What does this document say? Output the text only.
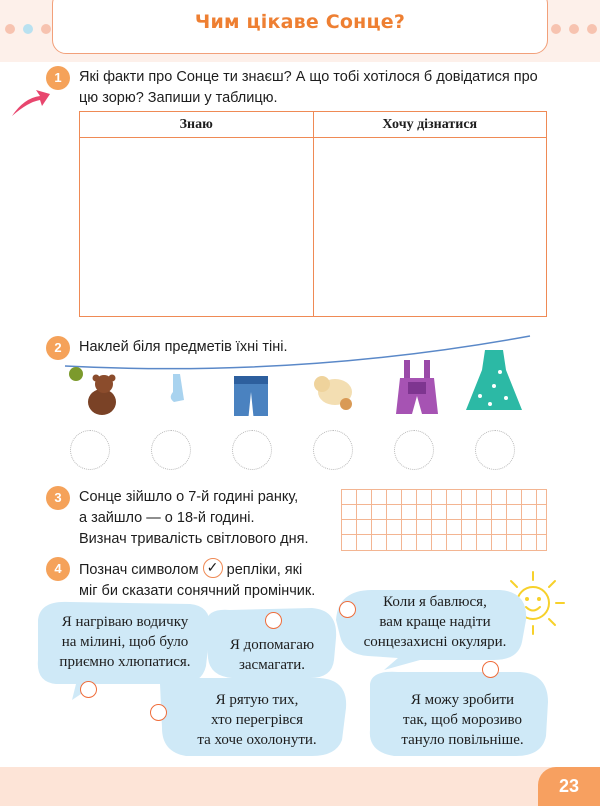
Чим цікаве Сонце?
1	Які факти про Сонце ти знаєш? А що тобі хотілося б довідатися про
цю зорю? Запиши у таблицю.
Знаю	Хочу дізнатися

2	Наклей біля предметів їхні тіні.
3	Сонце зійшло о 7-й годині ранку,
а зайшло — о 18-й годині.
Визнач тривалість світлового дня.
4	Познач символом ✓ репліки, які
міг би сказати сонячний промінчик.
Я нагріваю водичку
на мілині, щоб було
приємно хлюпатися.
Я допомагаю
засмагати.
Коли я бавлюся,
вам краще надіти
сонцезахисні окуляри.
Я рятую тих,
хто перегрівся
та хоче охолонути.
Я можу зробити
так, щоб морозиво
тануло повільніше.
23
